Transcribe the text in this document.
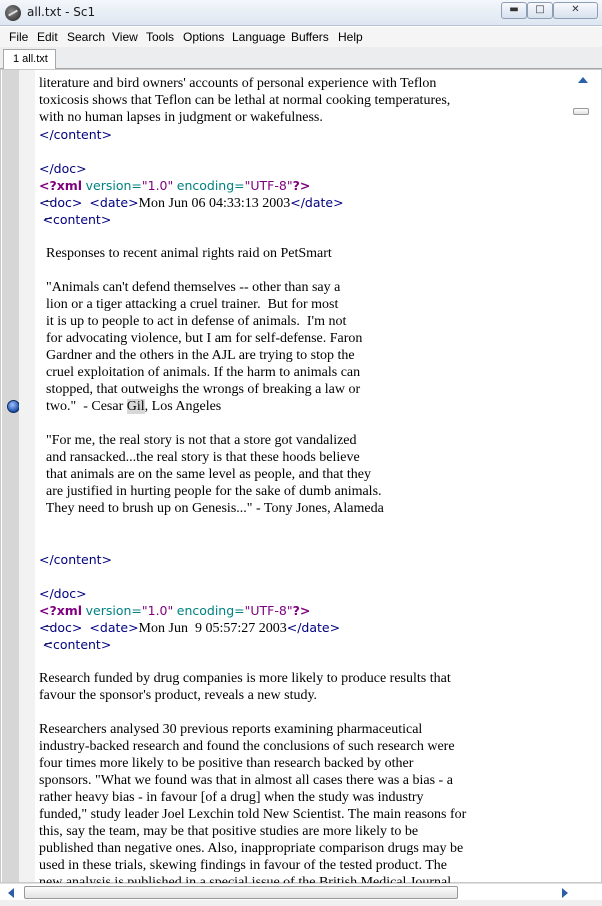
all.txt - Sc1	▬	□	✕
File Edit Search View Tools Options Language Buffers Help
1 all.txt
literature and bird owners' accounts of personal experience with Teflon
toxicosis shows that Teflon can be lethal at normal cooking temperatures,
with no human lapses in judgment or wakefulness.
</content>
</doc>
<?xml version="1.0" encoding="UTF-8"?>
<doc> <date>Mon Jun 06 04:33:13 2003</date>
<content>
Responses to recent animal rights raid on PetSmart
"Animals can't defend themselves -- other than say a
lion or a tiger attacking a cruel trainer.  But for most
it is up to people to act in defense of animals.  I'm not
for advocating violence, but I am for self-defense. Faron
Gardner and the others in the AJL are trying to stop the
cruel exploitation of animals. If the harm to animals can
stopped, that outweighs the wrongs of breaking a law or
two."  - Cesar Gil, Los Angeles
"For me, the real story is not that a store got vandalized
and ransacked...the real story is that these hoods believe
that animals are on the same level as people, and that they
are justified in hurting people for the sake of dumb animals.
They need to brush up on Genesis..." - Tony Jones, Alameda
</content>
</doc>
<?xml version="1.0" encoding="UTF-8"?>
<doc> <date>Mon Jun  9 05:57:27 2003</date>
<content>
Research funded by drug companies is more likely to produce results that
favour the sponsor's product, reveals a new study.
Researchers analysed 30 previous reports examining pharmaceutical
industry-backed research and found the conclusions of such research were
four times more likely to be positive than research backed by other
sponsors. "What we found was that in almost all cases there was a bias - a
rather heavy bias - in favour [of a drug] when the study was industry
funded," study leader Joel Lexchin told New Scientist. The main reasons for
this, say the team, may be that positive studies are more likely to be
published than negative ones. Also, inappropriate comparison drugs may be
used in these trials, skewing findings in favour of the tested product. The
